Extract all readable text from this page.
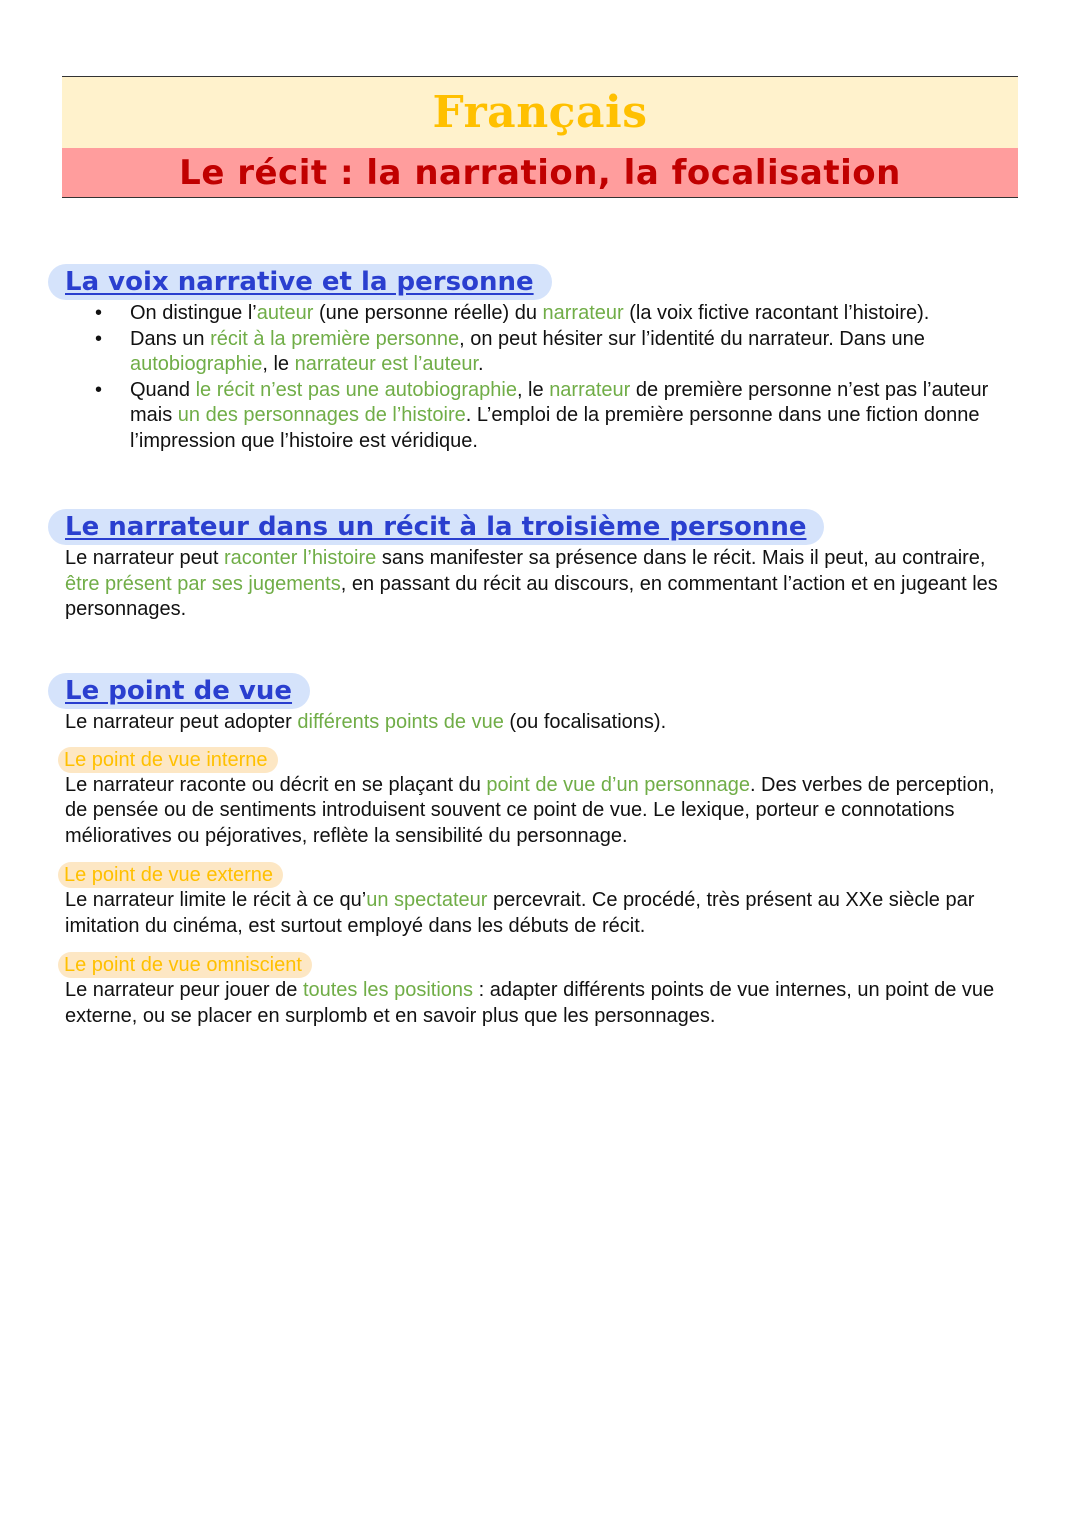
Français
Le récit : la narration, la focalisation
La voix narrative et la personne
• On distingue l’auteur (une personne réelle) du narrateur (la voix fictive racontant l’histoire).
• Dans un récit à la première personne, on peut hésiter sur l’identité du narrateur. Dans une autobiographie, le narrateur est l’auteur.
• Quand le récit n’est pas une autobiographie, le narrateur de première personne n’est pas l’auteur mais un des personnages de l’histoire. L’emploi de la première personne dans une fiction donne l’impression que l’histoire est véridique.
Le narrateur dans un récit à la troisième personne

Le narrateur peut raconter l’histoire sans manifester sa présence dans le récit. Mais il peut, au contraire, être présent par ses jugements, en passant du récit au discours, en commentant l’action et en jugeant les personnages.

Le point de vue

Le narrateur peut adopter différents points de vue (ou focalisations).

Le point de vue interne

Le narrateur raconte ou décrit en se plaçant du point de vue d’un personnage. Des verbes de perception, de pensée ou de sentiments introduisent souvent ce point de vue. Le lexique, porteur e connotations mélioratives ou péjoratives, reflète la sensibilité du personnage.

Le point de vue externe

Le narrateur limite le récit à ce qu’un spectateur percevrait. Ce procédé, très présent au XXe siècle par imitation du cinéma, est surtout employé dans les débuts de récit.

Le point de vue omniscient

Le narrateur peur jouer de toutes les positions : adapter différents points de vue internes, un point de vue externe, ou se placer en surplomb et en savoir plus que les personnages.
